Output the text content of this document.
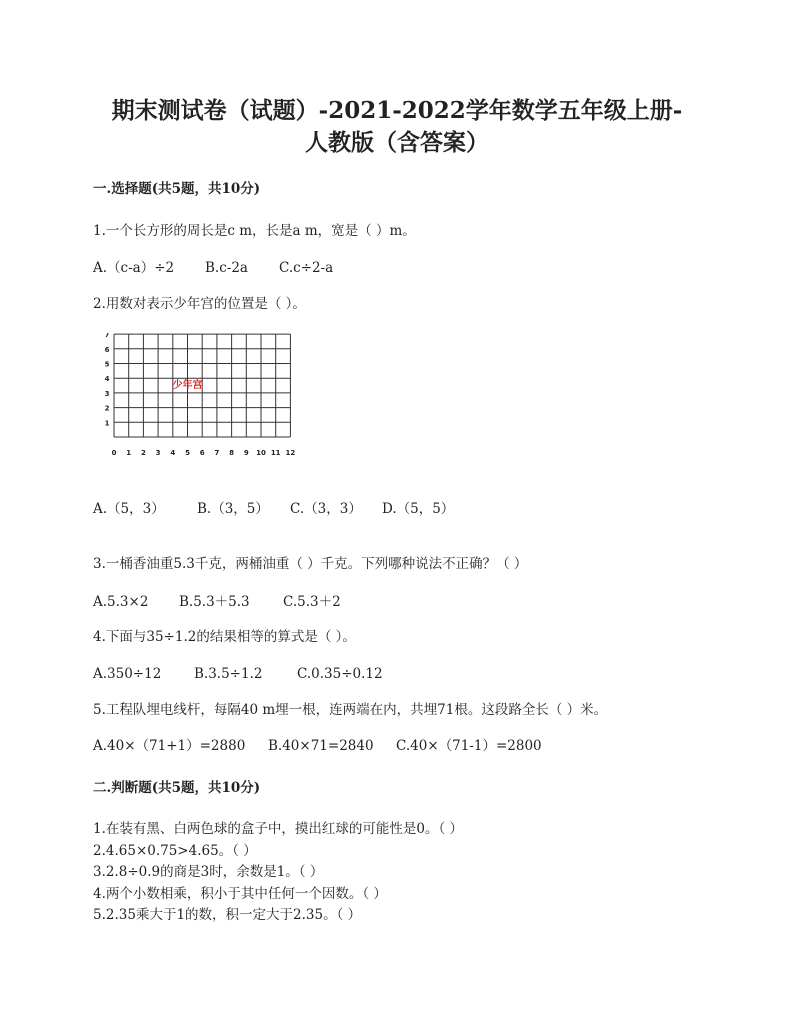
期末测试卷（试题）-2021-2022学年数学五年级上册-
人教版（含答案）
一.选择题(共5题，共10分)
1.一个长方形的周长是c m，长是a m，宽是（ ）m。
A.（c-a）÷2 B.c-2a C.c÷2-a
2.用数对表示少年宫的位置是（ ）。
0 1 2 3 4 5 6 7 8 9 10 11 12
1
2
3
4
5
6
7
少年宫
A.（5，3） B.（3，5） C.（3，3） D.（5，5）
3.一桶香油重5.3千克，两桶油重（ ）千克。下列哪种说法不正确？（ ）
A.5.3×2 B.5.3＋5.3 C.5.3＋2
4.下面与35÷1.2的结果相等的算式是（ ）。
A.350÷12 B.3.5÷1.2	C.0.35÷0.12
5.工程队埋电线杆，每隔40 m埋一根，连两端在内，共埋71根。这段路全长（ ）米。
A.40×（71+1）=2880 B.40×71=2840 C.40×（71-1）=2800
二.判断题(共5题，共10分)
1.在装有黑、白两色球的盒子中，摸出红球的可能性是0。（ ）
2.4.65×0.75>4.65。（ ）
3.2.8÷0.9的商是3时，余数是1。（ ）
4.两个小数相乘，积小于其中任何一个因数。（ ）
5.2.35乘大于1的数，积一定大于2.35。（ ）
